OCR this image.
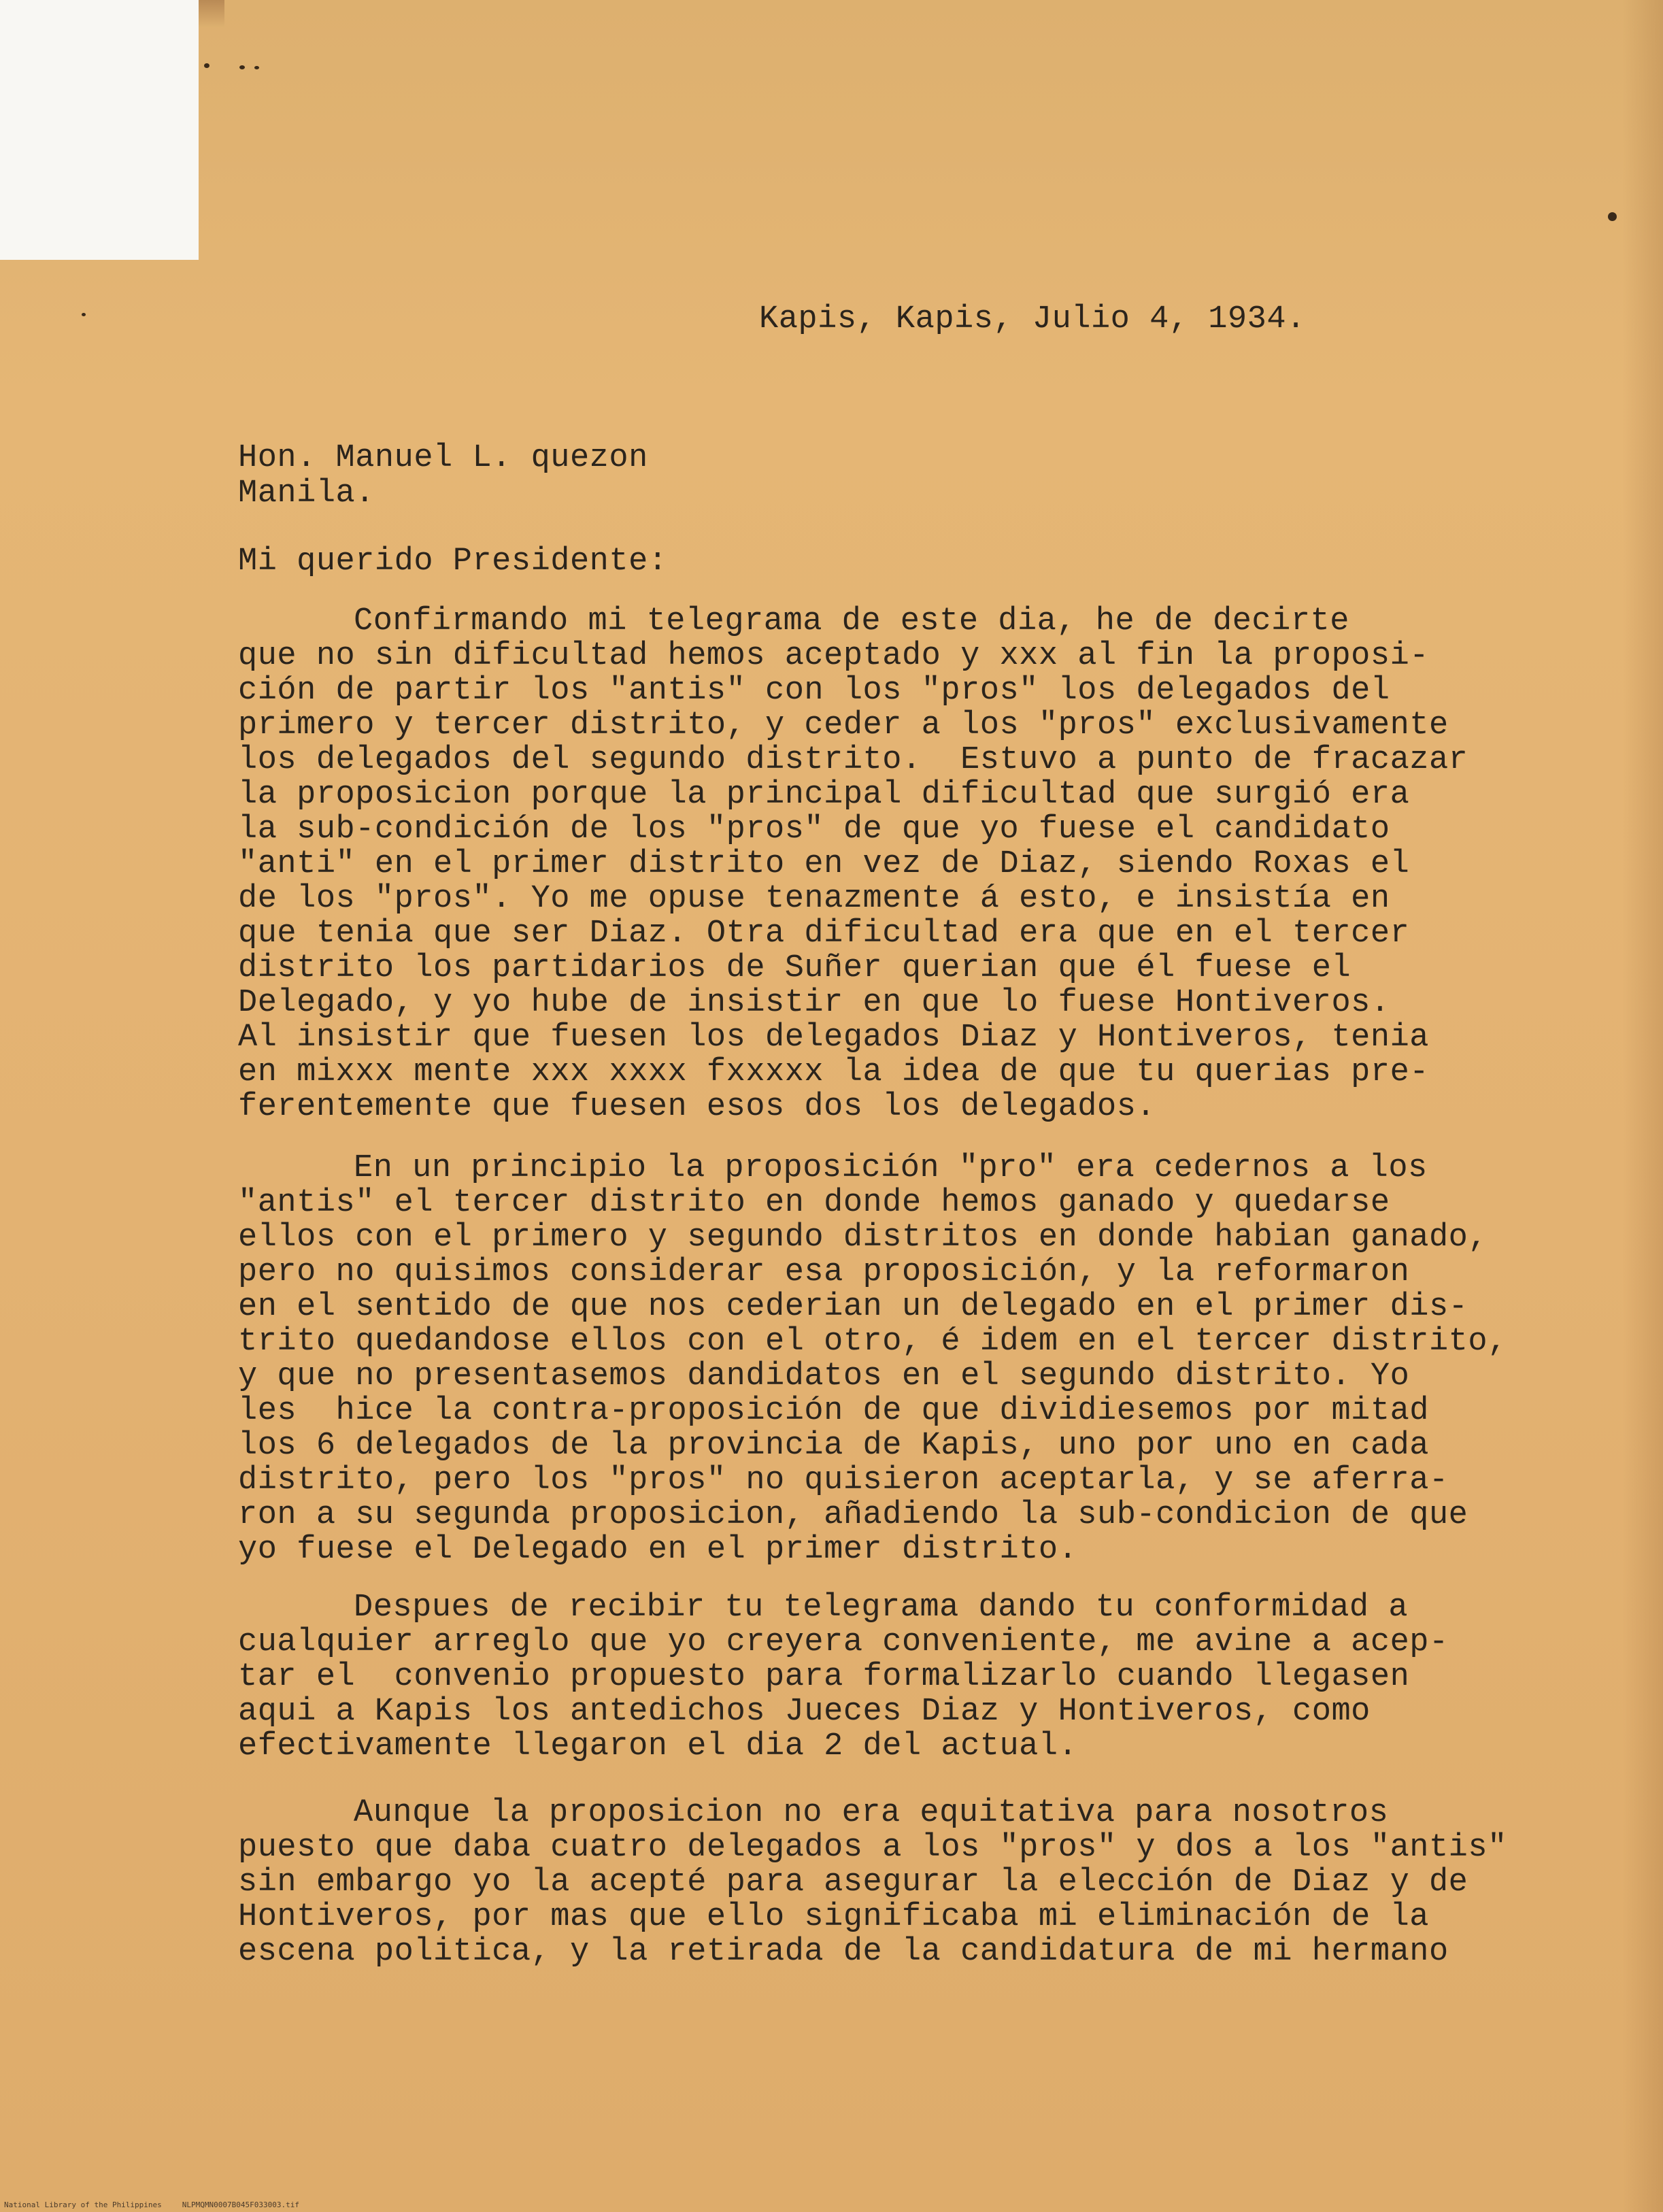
Kapis, Kapis, Julio 4, 1934.
Hon. Manuel L. quezon
Manila.
Mi querido Presidente:
Confirmando mi telegrama de este dia, he de decirte
que no sin dificultad hemos aceptado y xxx al fin la proposi-
ción de partir los "antis" con los "pros" los delegados del
primero y tercer distrito, y ceder a los "pros" exclusivamente
los delegados del segundo distrito.  Estuvo a punto de fracazar
la proposicion porque la principal dificultad que surgió era
la sub-condición de los "pros" de que yo fuese el candidato
"anti" en el primer distrito en vez de Diaz, siendo Roxas el
de los "pros". Yo me opuse tenazmente á esto, e insistía en
que tenia que ser Diaz. Otra dificultad era que en el tercer
distrito los partidarios de Suñer querian que él fuese el
Delegado, y yo hube de insistir en que lo fuese Hontiveros.
Al insistir que fuesen los delegados Diaz y Hontiveros, tenia
en mixxx mente xxx xxxx fxxxxx la idea de que tu querias pre-
ferentemente que fuesen esos dos los delegados.
En un principio la proposición "pro" era cedernos a los
"antis" el tercer distrito en donde hemos ganado y quedarse
ellos con el primero y segundo distritos en donde habian ganado,
pero no quisimos considerar esa proposición, y la reformaron
en el sentido de que nos cederian un delegado en el primer dis-
trito quedandose ellos con el otro, é idem en el tercer distrito,
y que no presentasemos dandidatos en el segundo distrito. Yo
les  hice la contra-proposición de que dividiesemos por mitad
los 6 delegados de la provincia de Kapis, uno por uno en cada
distrito, pero los "pros" no quisieron aceptarla, y se aferra-
ron a su segunda proposicion, añadiendo la sub-condicion de que
yo fuese el Delegado en el primer distrito.
Despues de recibir tu telegrama dando tu conformidad a
cualquier arreglo que yo creyera conveniente, me avine a acep-
tar el  convenio propuesto para formalizarlo cuando llegasen
aqui a Kapis los antedichos Jueces Diaz y Hontiveros, como
efectivamente llegaron el dia 2 del actual.
Aunque la proposicion no era equitativa para nosotros
puesto que daba cuatro delegados a los "pros" y dos a los "antis"
sin embargo yo la acepté para asegurar la elección de Diaz y de
Hontiveros, por mas que ello significaba mi eliminación de la
escena politica, y la retirada de la candidatura de mi hermano
National Library of the Philippines	NLPMQMN0007B045F033003.tif
